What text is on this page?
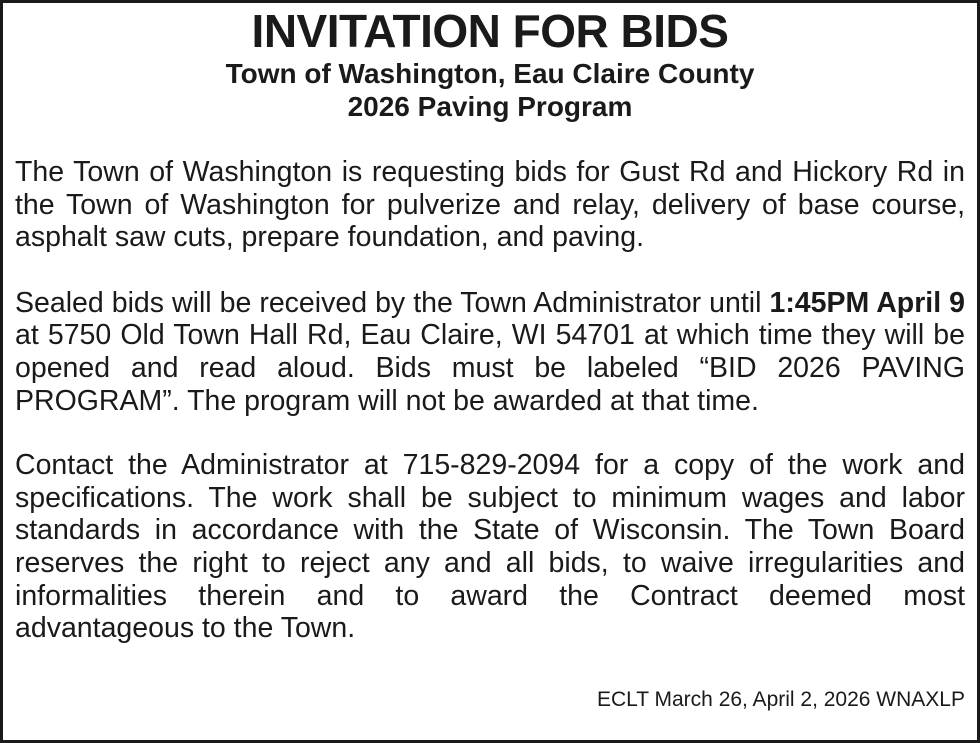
INVITATION FOR BIDS

Town of Washington, Eau Claire County

2026 Paving Program

The Town of Washington is requesting bids for Gust Rd and Hickory Rd in the Town of Washington for pulverize and relay, delivery of base course, asphalt saw cuts, prepare foundation, and paving.

Sealed bids will be received by the Town Administrator until 1:45PM April 9 at 5750 Old Town Hall Rd, Eau Claire, WI 54701 at which time they will be opened and read aloud. Bids must be labeled “BID 2026 PAVING PROGRAM”. The program will not be awarded at that time.

Contact the Administrator at 715-829-2094 for a copy of the work and specifications. The work shall be subject to minimum wages and labor standards in accordance with the State of Wisconsin. The Town Board reserves the right to reject any and all bids, to waive irregularities and informalities therein and to award the Contract deemed most advantageous to the Town.

ECLT March 26, April 2, 2026 WNAXLP
